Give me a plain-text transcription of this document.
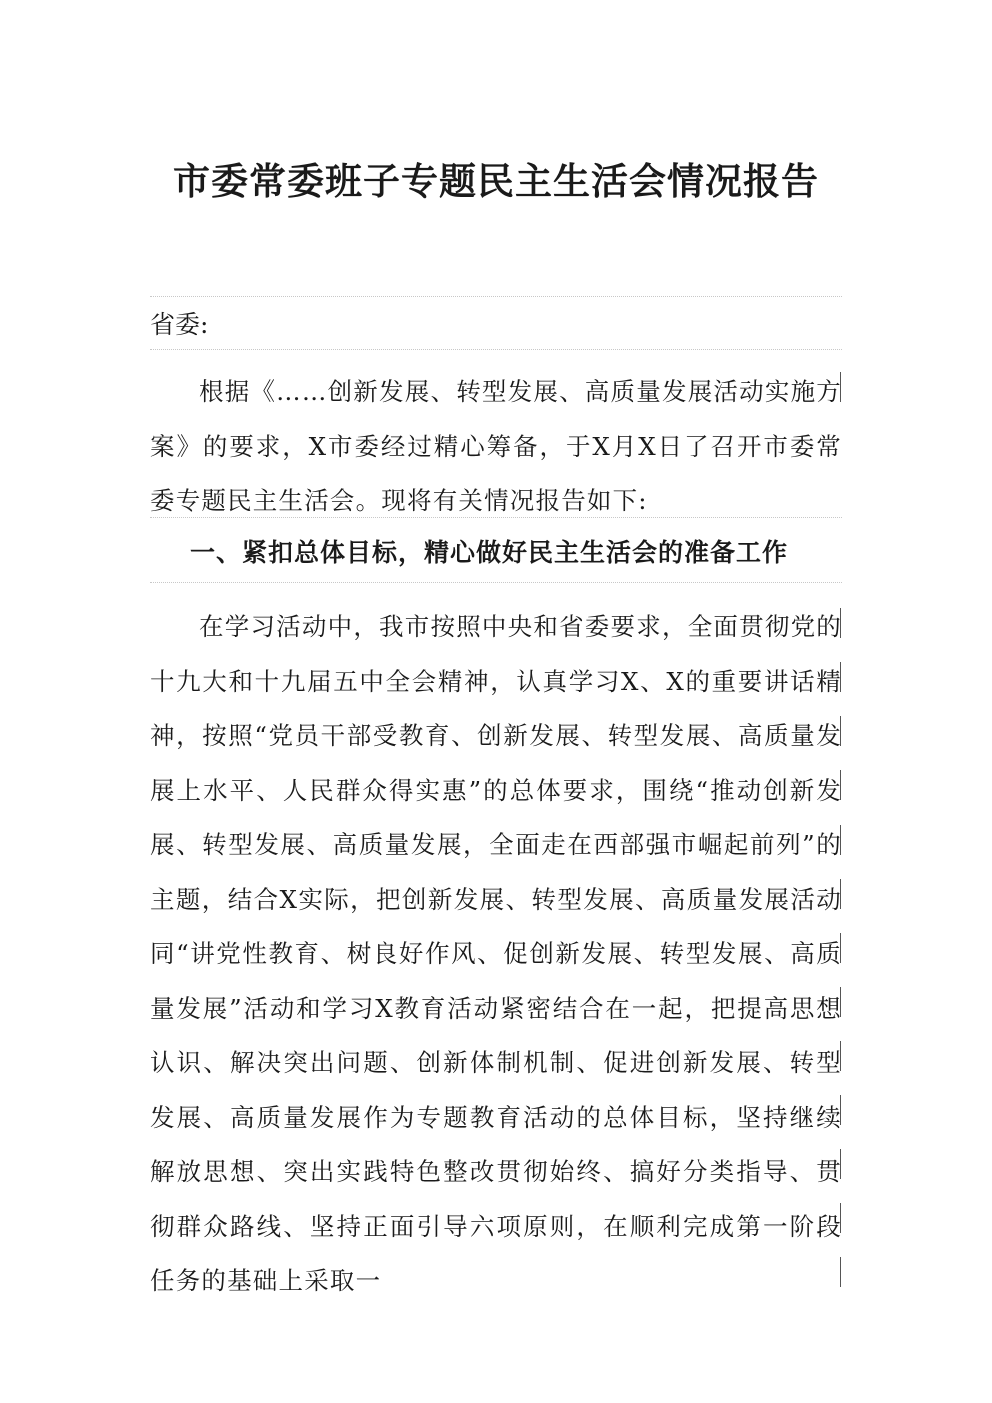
市委常委班子专题民主生活会情况报告

省委:

根据《……创新发展、转型发展、高质量发展活动实施方案》的要求，X市委经过精心筹备，于X月X日了召开市委常委专题民主生活会。现将有关情况报告如下:

一、紧扣总体目标，精心做好民主生活会的准备工作

在学习活动中，我市按照中央和省委要求，全面贯彻党的十九大和十九届五中全会精神，认真学习X、X的重要讲话精神，按照“党员干部受教育、创新发展、转型发展、高质量发展上水平、人民群众得实惠”的总体要求，围绕“推动创新发展、转型发展、高质量发展，全面走在西部强市崛起前列”的主题，结合X实际，把创新发展、转型发展、高质量发展活动同“讲党性教育、树良好作风、促创新发展、转型发展、高质量发展”活动和学习X教育活动紧密结合在一起，把提高思想认识、解决突出问题、创新体制机制、促进创新发展、转型发展、高质量发展作为专题教育活动的总体目标，坚持继续解放思想、突出实践特色整改贯彻始终、搞好分类指导、贯彻群众路线、坚持正面引导六项原则，在顺利完成第一阶段任务的基础上采取一
